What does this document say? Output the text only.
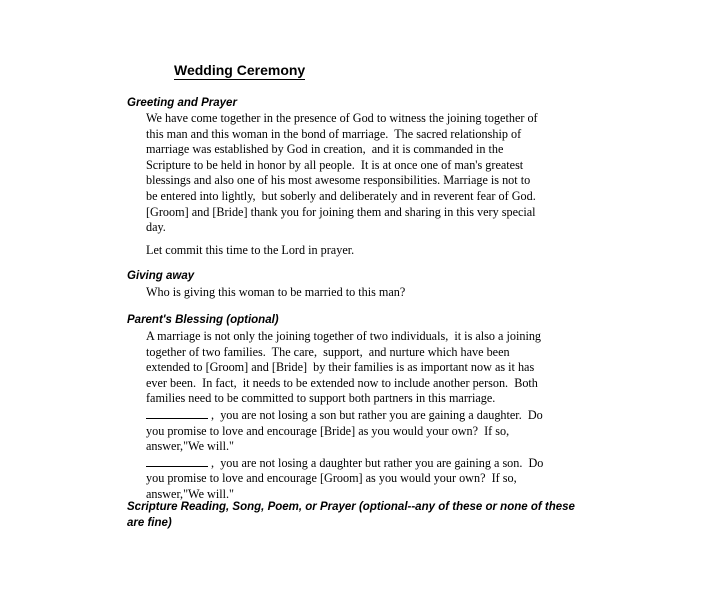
Wedding Ceremony
Greeting and Prayer
We have come together in the presence of God to witness the joining together of
this man and this woman in the bond of marriage.  The sacred relationship of
marriage was established by God in creation,  and it is commanded in the
Scripture to be held in honor by all people.  It is at once one of man's greatest
blessings and also one of his most awesome responsibilities. Marriage is not to
be entered into lightly,  but soberly and deliberately and in reverent fear of God.
[Groom] and [Bride] thank you for joining them and sharing in this very special
day.
Let commit this time to the Lord in prayer.
Giving away
Who is giving this woman to be married to this man?
Parent's Blessing (optional)
A marriage is not only the joining together of two individuals,  it is also a joining
together of two families.  The care,  support,  and nurture which have been
extended to [Groom] and [Bride]  by their families is as important now as it has
ever been.  In fact,  it needs to be extended now to include another person.  Both
families need to be committed to support both partners in this marriage.
,  you are not losing a son but rather you are gaining a daughter.  Do
you promise to love and encourage [Bride] as you would your own?  If so,
answer,"We will."
,  you are not losing a daughter but rather you are gaining a son.  Do
you promise to love and encourage [Groom] as you would your own?  If so,
answer,"We will."
Scripture Reading, Song, Poem, or Prayer (optional--any of these or none of these
are fine)
